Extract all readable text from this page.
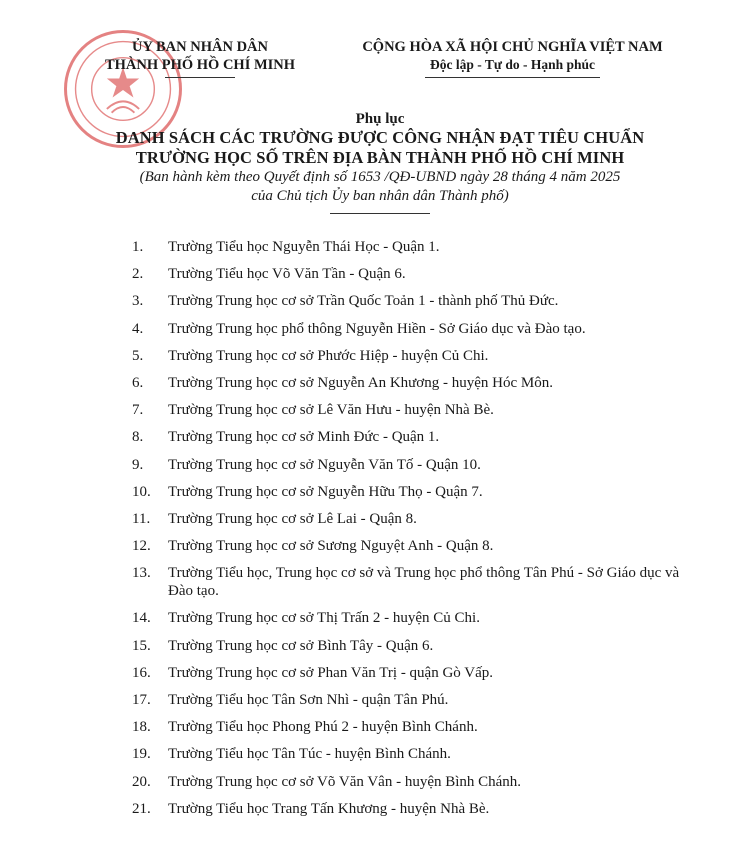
ỦY BAN NHÂN DÂN
THÀNH PHỐ HỒ CHÍ MINH
CỘNG HÒA XÃ HỘI CHỦ NGHĨA VIỆT NAM
Độc lập - Tự do - Hạnh phúc
Phụ lục
DANH SÁCH CÁC TRƯỜNG ĐƯỢC CÔNG NHẬN ĐẠT TIÊU CHUẨN
TRƯỜNG HỌC SỐ TRÊN ĐỊA BÀN THÀNH PHỐ HỒ CHÍ MINH
(Ban hành kèm theo Quyết định số 1653 /QĐ-UBND ngày 28 tháng 4 năm 2025
của Chủ tịch Ủy ban nhân dân Thành phố)
1.	Trường Tiểu học Nguyễn Thái Học - Quận 1.
2.	Trường Tiểu học Võ Văn Tần - Quận 6.
3.	Trường Trung học cơ sở Trần Quốc Toản 1 - thành phố Thủ Đức.
4.	Trường Trung học phổ thông Nguyễn Hiền - Sở Giáo dục và Đào tạo.
5.	Trường Trung học cơ sở Phước Hiệp - huyện Củ Chi.
6.	Trường Trung học cơ sở Nguyễn An Khương - huyện Hóc Môn.
7.	Trường Trung học cơ sở Lê Văn Hưu - huyện Nhà Bè.
8.	Trường Trung học cơ sở Minh Đức - Quận 1.
9.	Trường Trung học cơ sở Nguyễn Văn Tố - Quận 10.
10.	Trường Trung học cơ sở Nguyễn Hữu Thọ - Quận 7.
11.	Trường Trung học cơ sở Lê Lai - Quận 8.
12.	Trường Trung học cơ sở Sương Nguyệt Anh - Quận 8.
13.	Trường Tiểu học, Trung học cơ sở và Trung học phổ thông Tân Phú - Sở Giáo dục và Đào tạo.
14.	Trường Trung học cơ sở Thị Trấn 2 - huyện Củ Chi.
15.	Trường Trung học cơ sở Bình Tây - Quận 6.
16.	Trường Trung học cơ sở Phan Văn Trị - quận Gò Vấp.
17.	Trường Tiểu học Tân Sơn Nhì - quận Tân Phú.
18.	Trường Tiểu học Phong Phú 2 - huyện Bình Chánh.
19.	Trường Tiểu học Tân Túc - huyện Bình Chánh.
20.	Trường Trung học cơ sở Võ Văn Vân - huyện Bình Chánh.
21.	Trường Tiểu học Trang Tấn Khương - huyện Nhà Bè.
